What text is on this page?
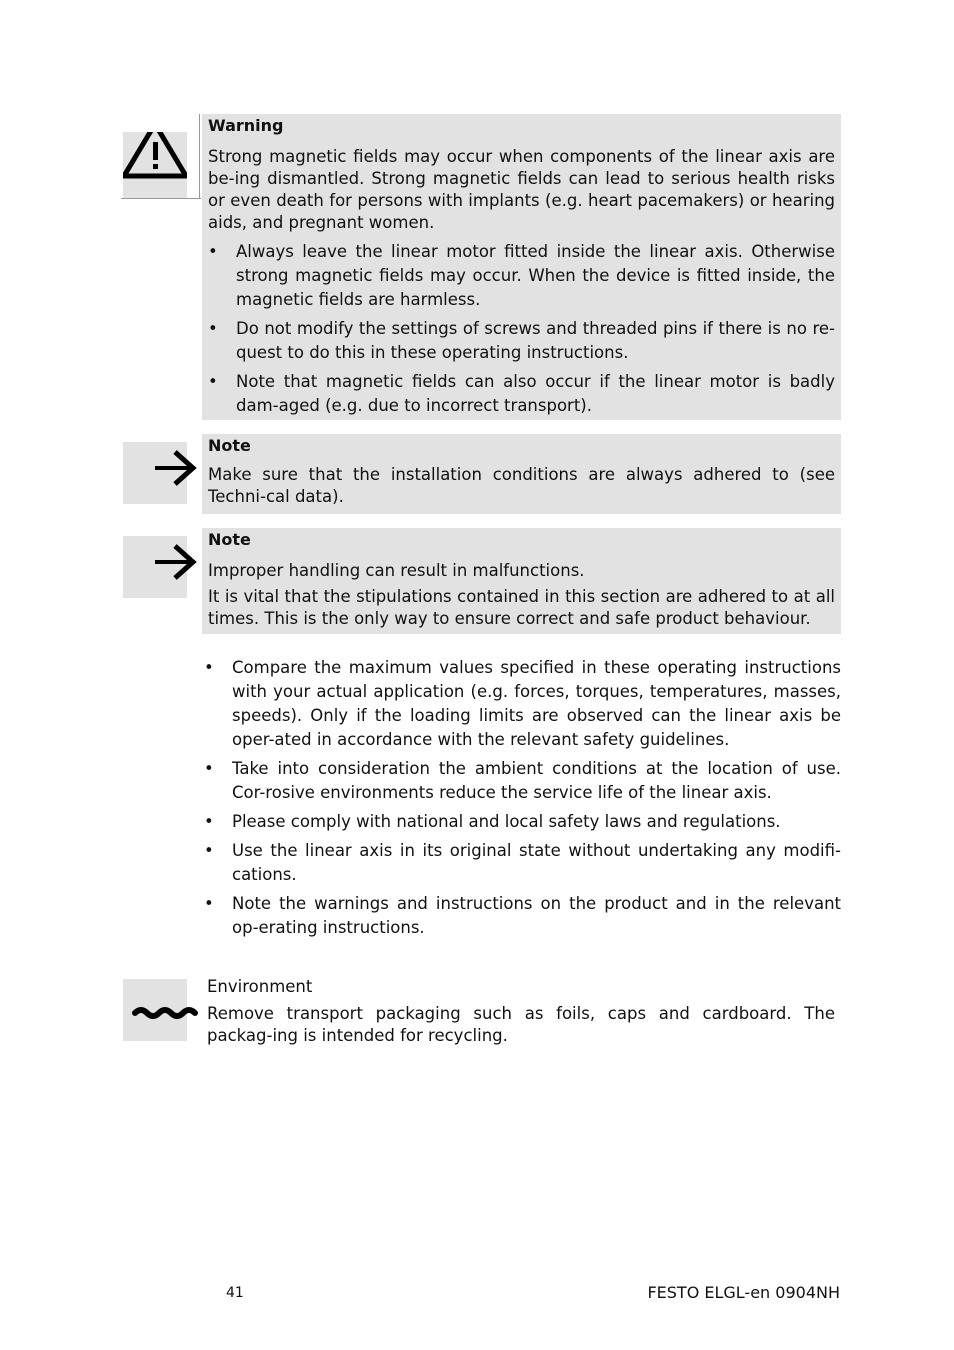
Warning

Strong magnetic fields may occur when components of the linear axis are be-ing dismantled. Strong magnetic fields can lead to serious health risks or even death for persons with implants (e.g. heart pacemakers) or hearing aids, and pregnant women.

• Always leave the linear motor fitted inside the linear axis. Otherwise strong magnetic fields may occur. When the device is fitted inside, the magnetic fields are harmless.
• Do not modify the settings of screws and threaded pins if there is no re-quest to do this in these operating instructions.
• Note that magnetic fields can also occur if the linear motor is badly dam-aged (e.g. due to incorrect transport).

Note

Make sure that the installation conditions are always adhered to (see Techni-cal data).

Note

Improper handling can result in malfunctions.

It is vital that the stipulations contained in this section are adhered to at all times. This is the only way to ensure correct and safe product behaviour.

• Compare the maximum values specified in these operating instructions with your actual application (e.g. forces, torques, temperatures, masses, speeds). Only if the loading limits are observed can the linear axis be oper-ated in accordance with the relevant safety guidelines.
• Take into consideration the ambient conditions at the location of use. Cor-rosive environments reduce the service life of the linear axis.
• Please comply with national and local safety laws and regulations.
• Use the linear axis in its original state without undertaking any modifi-cations.
• Note the warnings and instructions on the product and in the relevant op-erating instructions.

Environment

Remove transport packaging such as foils, caps and cardboard. The packag-ing is intended for recycling.

41	FESTO ELGL-en 0904NH
